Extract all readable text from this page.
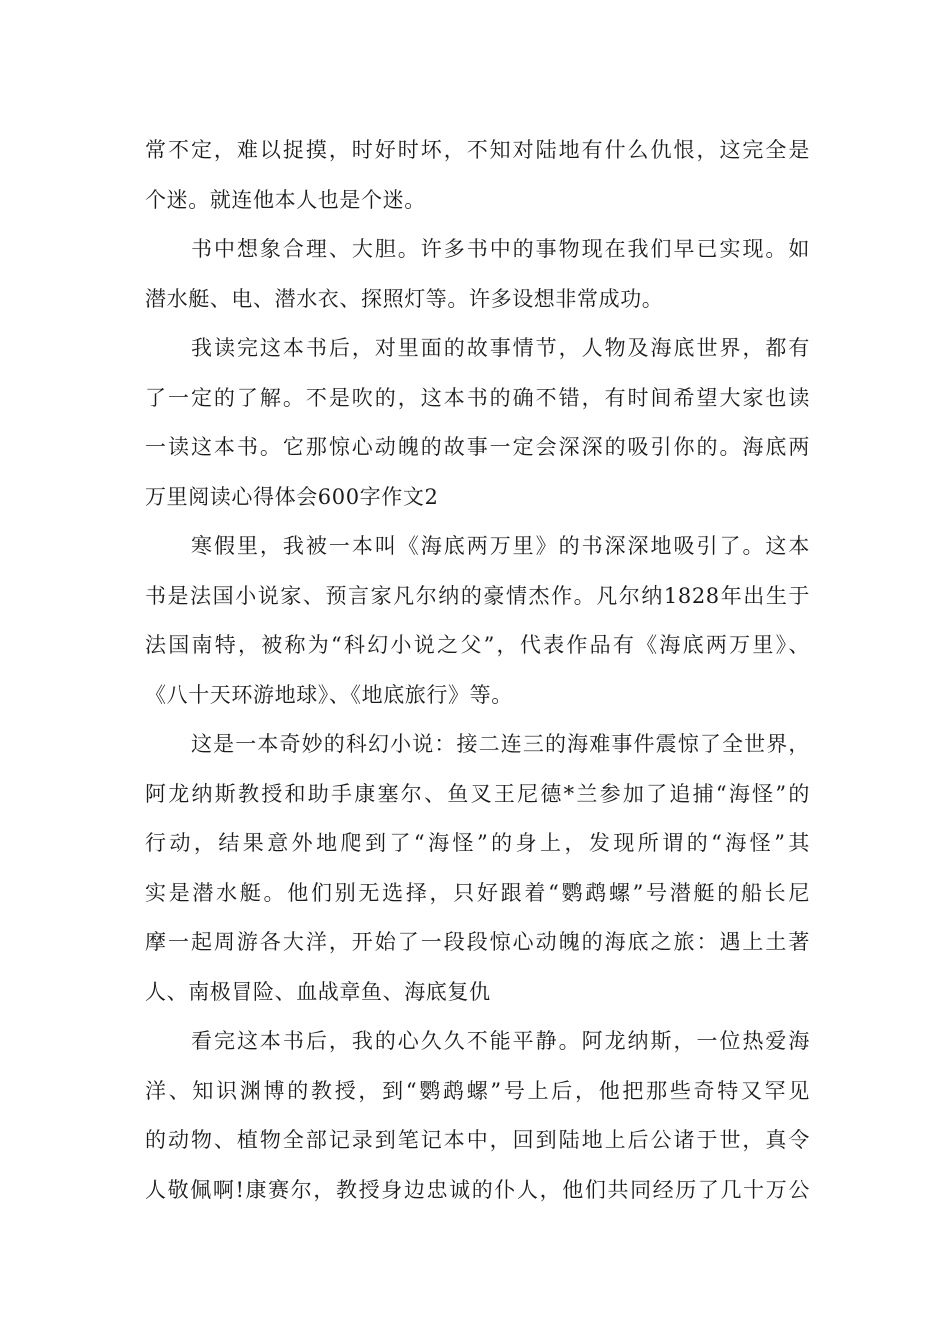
常不定，难以捉摸，时好时坏，不知对陆地有什么仇恨，这完全是
个迷。就连他本人也是个迷。
书中想象合理、大胆。许多书中的事物现在我们早已实现。如
潜水艇、电、潜水衣、探照灯等。许多设想非常成功。
我读完这本书后，对里面的故事情节，人物及海底世界，都有
了一定的了解。不是吹的，这本书的确不错，有时间希望大家也读
一读这本书。它那惊心动魄的故事一定会深深的吸引你的。海底两
万里阅读心得体会600字作文2
寒假里，我被一本叫《海底两万里》的书深深地吸引了。这本
书是法国小说家、预言家凡尔纳的豪情杰作。凡尔纳1828年出生于
法国南特，被称为“科幻小说之父”，代表作品有《海底两万里》、
《八十天环游地球》、《地底旅行》等。
这是一本奇妙的科幻小说：接二连三的海难事件震惊了全世界，
阿龙纳斯教授和助手康塞尔、鱼叉王尼德*兰参加了追捕“海怪”的
行动，结果意外地爬到了“海怪”的身上，发现所谓的“海怪”其
实是潜水艇。他们别无选择，只好跟着“鹦鹉螺”号潜艇的船长尼
摩一起周游各大洋，开始了一段段惊心动魄的海底之旅：遇上土著
人、南极冒险、血战章鱼、海底复仇
看完这本书后，我的心久久不能平静。阿龙纳斯，一位热爱海
洋、知识渊博的教授，到“鹦鹉螺”号上后，他把那些奇特又罕见
的动物、植物全部记录到笔记本中，回到陆地上后公诸于世，真令
人敬佩啊!康赛尔，教授身边忠诚的仆人，他们共同经历了几十万公
